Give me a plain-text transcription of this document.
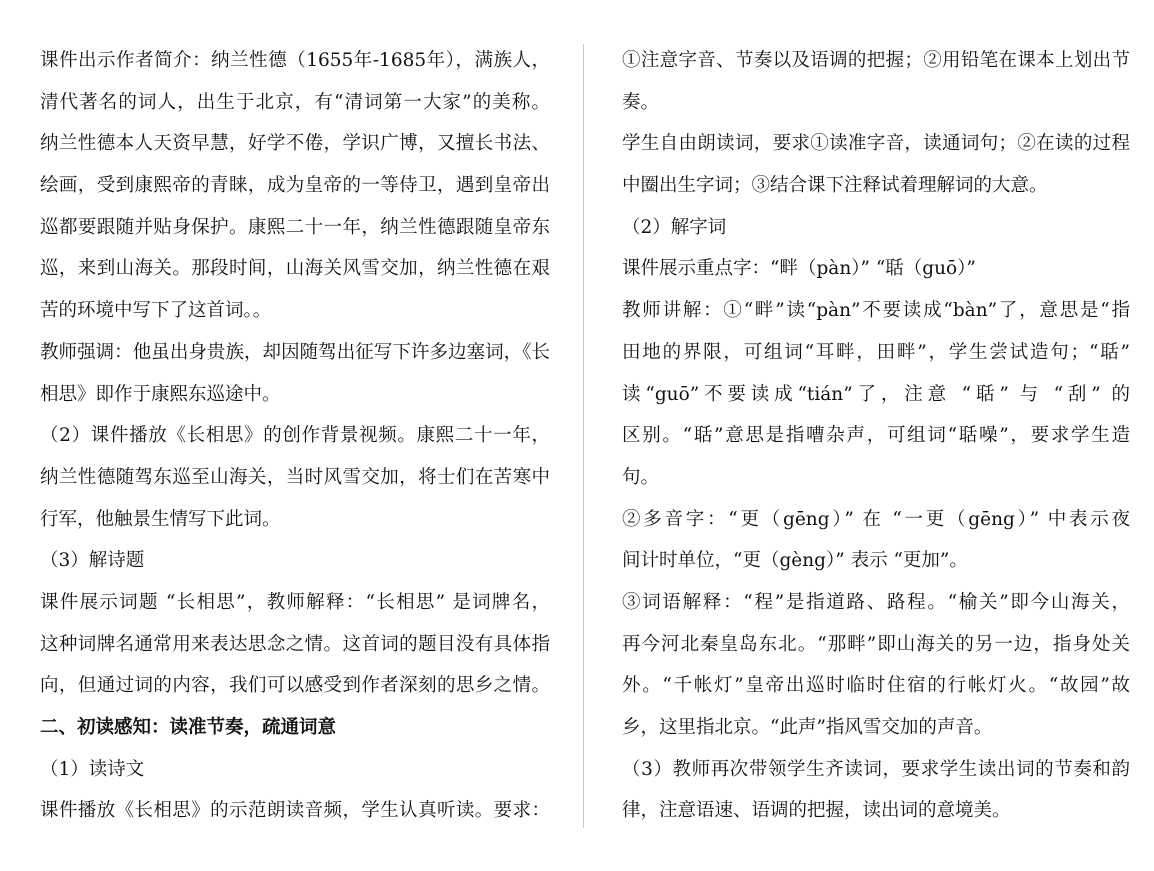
课件出示作者简介：纳兰性德（1655年-1685年），满族人，
清代著名的词人，出生于北京，有“清词第一大家”的美称。
纳兰性德本人天资早慧，好学不倦，学识广博，又擅长书法、
绘画，受到康熙帝的青睐，成为皇帝的一等侍卫，遇到皇帝出
巡都要跟随并贴身保护。康熙二十一年，纳兰性德跟随皇帝东
巡，来到山海关。那段时间，山海关风雪交加，纳兰性德在艰
苦的环境中写下了这首词。。
教师强调：他虽出身贵族，却因随驾出征写下许多边塞词，《长
相思》即作于康熙东巡途中。
（2）课件播放《长相思》的创作背景视频。康熙二十一年，
纳兰性德随驾东巡至山海关，当时风雪交加，将士们在苦寒中
行军，他触景生情写下此词。
（3）解诗题
课件展示词题 “长相思”，教师解释：“长相思” 是词牌名，
这种词牌名通常用来表达思念之情。这首词的题目没有具体指
向，但通过词的内容，我们可以感受到作者深刻的思乡之情。
二、初读感知：读准节奏，疏通词意
（1）读诗文
课件播放《长相思》的示范朗读音频，学生认真听读。要求：
①注意字音、节奏以及语调的把握；②用铅笔在课本上划出节
奏。
学生自由朗读词，要求①读准字音，读通词句；②在读的过程
中圈出生字词；③结合课下注释试着理解词的大意。
（2）解字词
课件展示重点字：“畔（pàn）” “聒（guō）”
教师讲解：①“畔”读“pàn”不要读成“bàn”了，意思是“指
田地的界限，可组词“耳畔，田畔”，学生尝试造句；“聒”
读“guō”不要读成“tián”了，注意 “聒” 与 “刮” 的
区别。“聒”意思是指嘈杂声，可组词“聒噪”，要求学生造
句。
②多音字：“更（gēng）” 在 “一更（gēng）” 中表示夜
间计时单位，“更（gèng）” 表示 “更加”。
③词语解释：“程”是指道路、路程。“榆关”即今山海关，
再今河北秦皇岛东北。“那畔”即山海关的另一边，指身处关
外。“千帐灯”皇帝出巡时临时住宿的行帐灯火。“故园”故
乡，这里指北京。“此声”指风雪交加的声音。
（3）教师再次带领学生齐读词，要求学生读出词的节奏和韵
律，注意语速、语调的把握，读出词的意境美。
